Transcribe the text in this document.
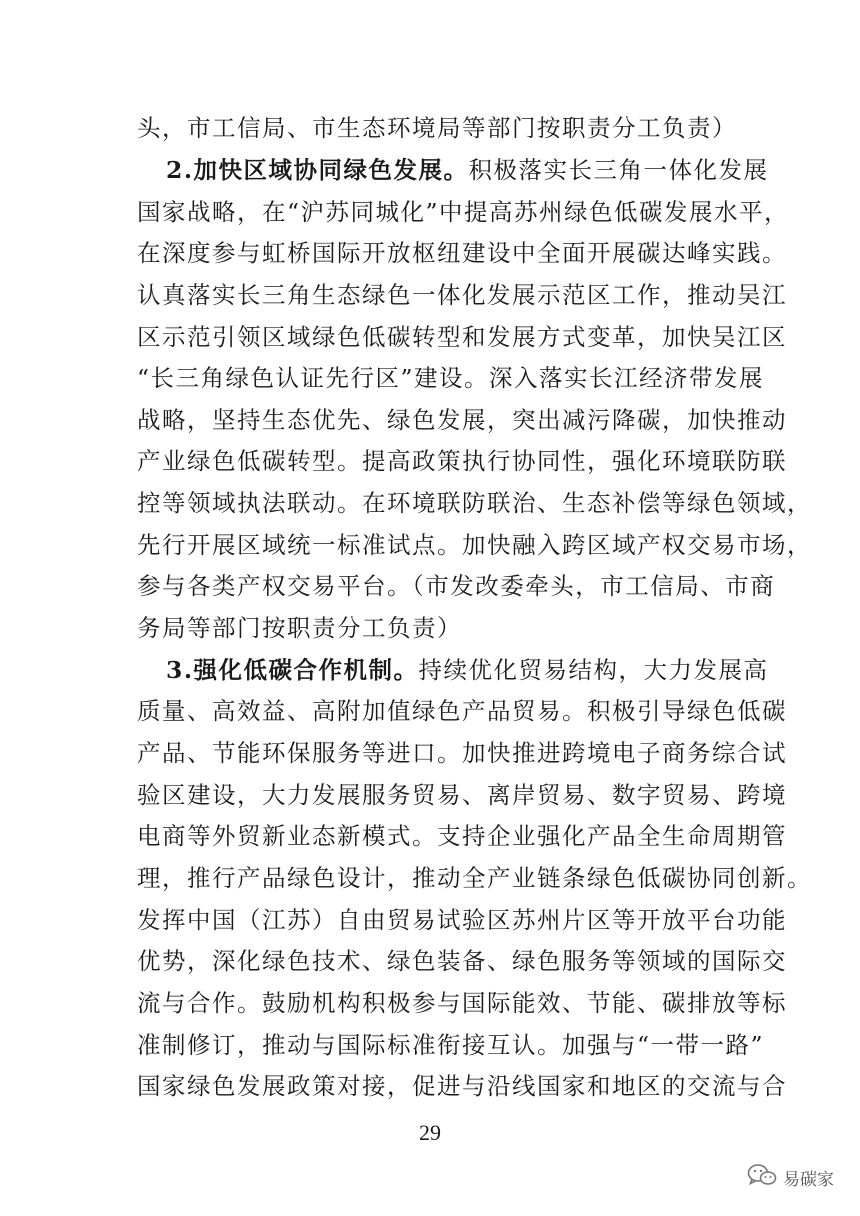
头，市工信局、市生态环境局等部门按职责分工负责）
2.加快区域协同绿色发展。积极落实长三角一体化发展
国家战略，在“沪苏同城化”中提高苏州绿色低碳发展水平，
在深度参与虹桥国际开放枢纽建设中全面开展碳达峰实践。
认真落实长三角生态绿色一体化发展示范区工作，推动吴江
区示范引领区域绿色低碳转型和发展方式变革，加快吴江区
“长三角绿色认证先行区”建设。深入落实长江经济带发展
战略，坚持生态优先、绿色发展，突出减污降碳，加快推动
产业绿色低碳转型。提高政策执行协同性，强化环境联防联
控等领域执法联动。在环境联防联治、生态补偿等绿色领域，
先行开展区域统一标准试点。加快融入跨区域产权交易市场，
参与各类产权交易平台。（市发改委牵头，市工信局、市商
务局等部门按职责分工负责）
3.强化低碳合作机制。持续优化贸易结构，大力发展高
质量、高效益、高附加值绿色产品贸易。积极引导绿色低碳
产品、节能环保服务等进口。加快推进跨境电子商务综合试
验区建设，大力发展服务贸易、离岸贸易、数字贸易、跨境
电商等外贸新业态新模式。支持企业强化产品全生命周期管
理，推行产品绿色设计，推动全产业链条绿色低碳协同创新。
发挥中国（江苏）自由贸易试验区苏州片区等开放平台功能
优势，深化绿色技术、绿色装备、绿色服务等领域的国际交
流与合作。鼓励机构积极参与国际能效、节能、碳排放等标
准制修订，推动与国际标准衔接互认。加强与“一带一路”
国家绿色发展政策对接，促进与沿线国家和地区的交流与合
29
易碳家
